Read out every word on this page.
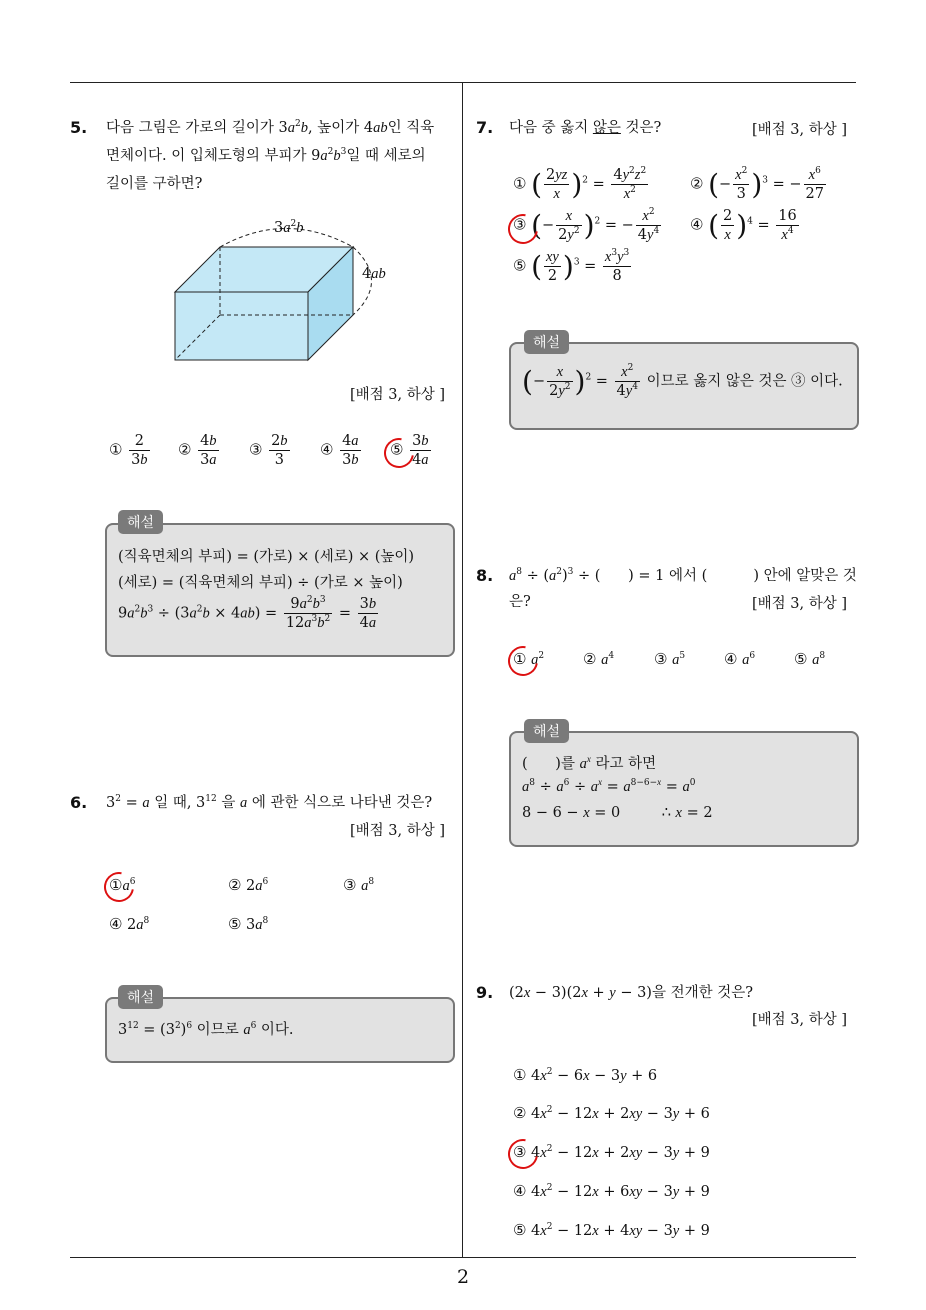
2
5. 다음 그림은 가로의 길이가 $3a^2b$, 높이가 4ab인 직육
면체이다. 이 입체도형의 부피가 $9a^2b^3$일 때 세로의
길이를 구하면?
$3a^2b$
4ab
[배점 3, 하상 ]
① $\frac{2}{3b}$ ② $\frac{4b}{3a}$ ③ $\frac{2b}{3}$ ④ $\frac{4a}{3b}$ ⑤ $\frac{3b}{4a}$
해설
(직육면체의 부피) = (가로) × (세로) × (높이)
(세로) = (직육면체의 부피) ÷ (가로 × 높이)
$9a^2b^3 \div (3a^2b \times 4ab) = \frac{9a^2b^3}{12a^3b^2} = \frac{3b}{4a}$
6. $3^2 = a$ 일 때, $3^{12}$ 을 a 에 관한 식으로 나타낸 것은?
[배점 3, 하상 ]
$①a^6$	② $2a^6$	③ $a^8$
④ $2a^8$	⑤ $3a^8$
해설
$3^{12} = (3^2)^6$ 이므로 $a^6$ 이다.
7. 다음 중 옳지 않은 것은?	[배점 3, 하상 ]
① ( $\frac{2yz}{x} )^2 = \frac{4y^2z^2}{x^2}$	② (− $\frac{x^2}{3} )^3$ = − $\frac{x^6}{27}$
③ (− $\frac{x}{2y^2} )^2$ = − $\frac{x^2}{4y^4}$ ④ ( $\frac{2}{x} )^4 = \frac{16}{x^4}$
⑤ ( $\frac{xy}{2} )^3 = \frac{x^3y^3}{8}$
해설
(− $\frac{x}{2y^2} )^2 = \frac{x^2}{4y^4}$ 이므로 옳지 않은 것은 ③ 이다.
8. $a^8 \div (a^2)^3$ ÷ (      ) = 1 에서 (	) 안에 알맞은 것
은?	[배점 3, 하상 ]
① $a^2$	② $a^4$	③ $a^5$	④ $a^6$	⑤ $a^8$
해설
(      )를 $a^x$ 라고 하면
$a^8 \div a^6 \div a^x = a^{8-6-x} = a^0$
8 − 6 − x = 0         ∴ x = 2
9. (2x − 3)(2x + y − 3)을 전개한 것은?
[배점 3, 하상 ]
① $4x^2 - 6x - 3y + 6$
② $4x^2 - 12x + 2xy - 3y + 6$
③ $4x^2 - 12x + 2xy - 3y + 9$
④ $4x^2 - 12x + 6xy - 3y + 9$
⑤ $4x^2 - 12x + 4xy - 3y + 9$
